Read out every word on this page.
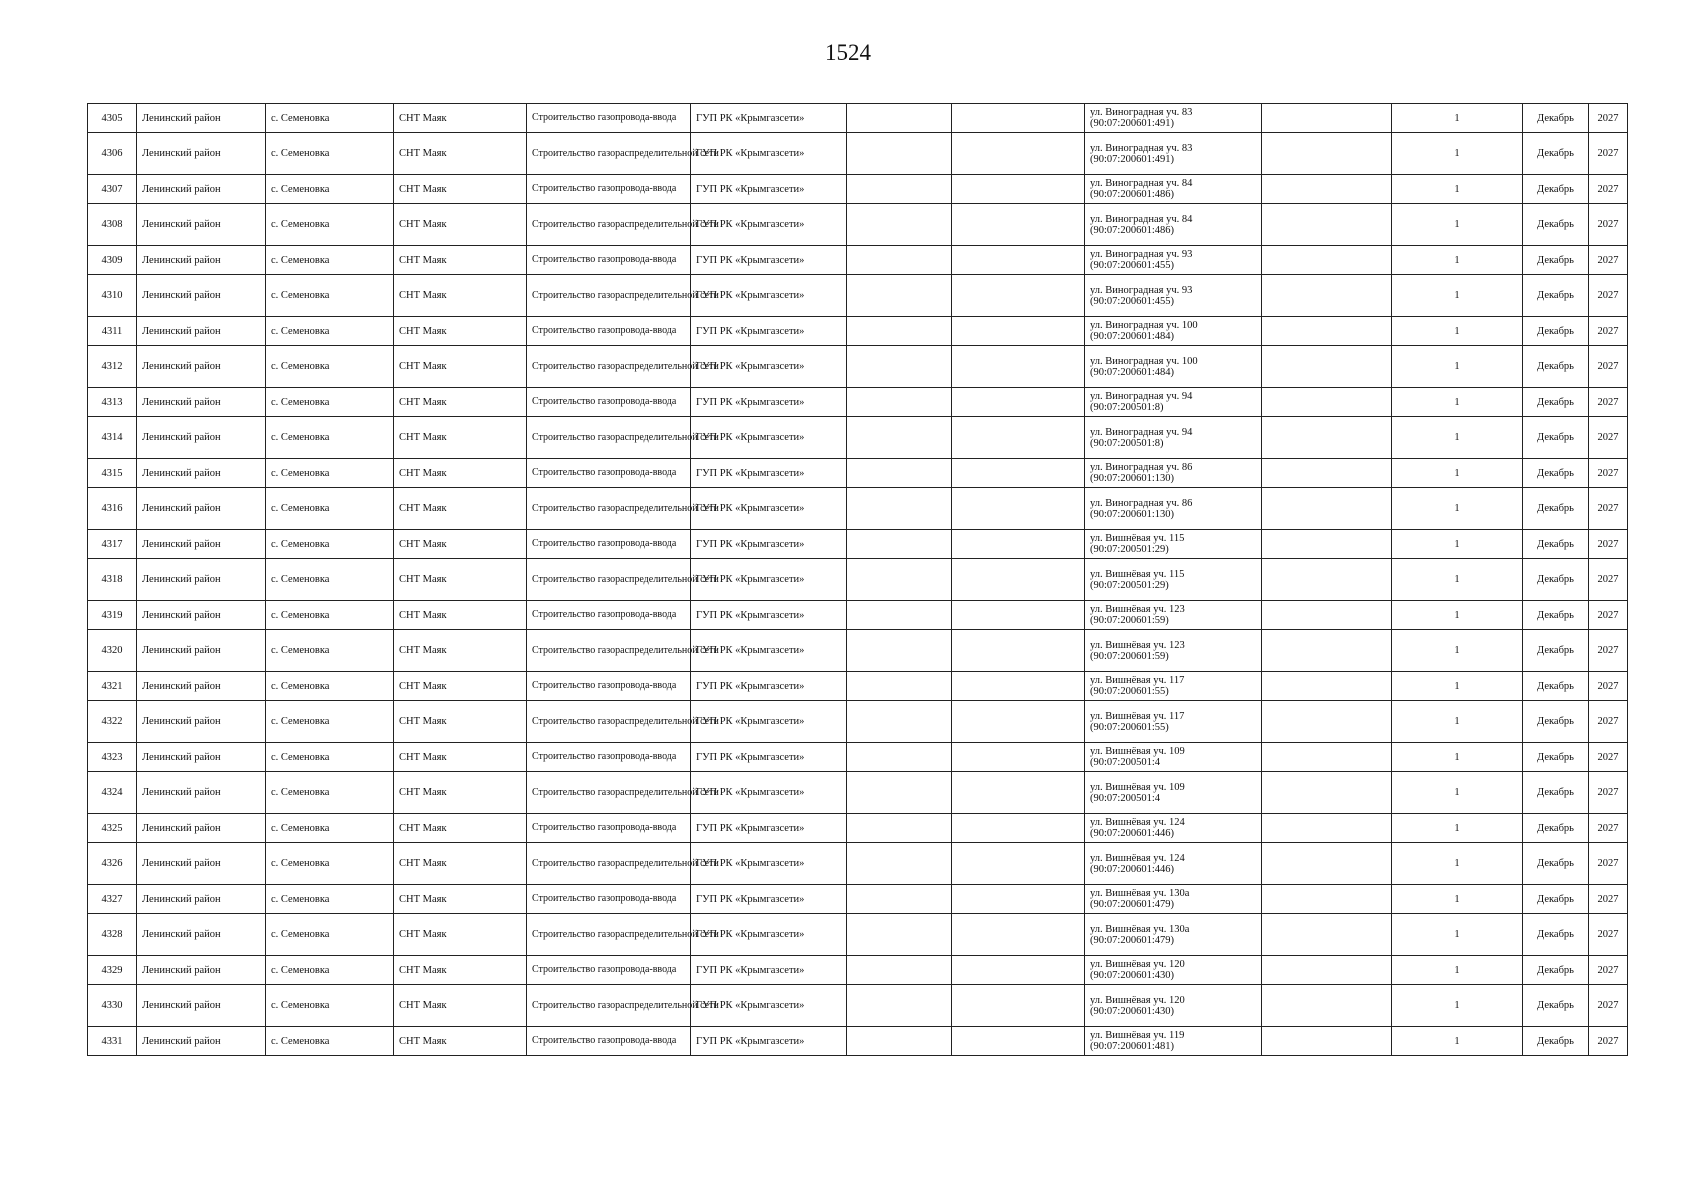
1524
4305	Ленинский район	с. Семеновка	СНТ Маяк	Строительство газопровода-ввода	ГУП РК «Крымгазсети»			ул. Виноградная уч. 83
(90:07:200601:491)		1	Декабрь	2027
4306	Ленинский район	с. Семеновка	СНТ Маяк	Строительство газораспределительной сети	ГУП РК «Крымгазсети»			ул. Виноградная уч. 83
(90:07:200601:491)		1	Декабрь	2027
4307	Ленинский район	с. Семеновка	СНТ Маяк	Строительство газопровода-ввода	ГУП РК «Крымгазсети»			ул. Виноградная уч. 84
(90:07:200601:486)		1	Декабрь	2027
4308	Ленинский район	с. Семеновка	СНТ Маяк	Строительство газораспределительной сети	ГУП РК «Крымгазсети»			ул. Виноградная уч. 84
(90:07:200601:486)		1	Декабрь	2027
4309	Ленинский район	с. Семеновка	СНТ Маяк	Строительство газопровода-ввода	ГУП РК «Крымгазсети»			ул. Виноградная уч. 93
(90:07:200601:455)		1	Декабрь	2027
4310	Ленинский район	с. Семеновка	СНТ Маяк	Строительство газораспределительной сети	ГУП РК «Крымгазсети»			ул. Виноградная уч. 93
(90:07:200601:455)		1	Декабрь	2027
4311	Ленинский район	с. Семеновка	СНТ Маяк	Строительство газопровода-ввода	ГУП РК «Крымгазсети»			ул. Виноградная уч. 100
(90:07:200601:484)		1	Декабрь	2027
4312	Ленинский район	с. Семеновка	СНТ Маяк	Строительство газораспределительной сети	ГУП РК «Крымгазсети»			ул. Виноградная уч. 100
(90:07:200601:484)		1	Декабрь	2027
4313	Ленинский район	с. Семеновка	СНТ Маяк	Строительство газопровода-ввода	ГУП РК «Крымгазсети»			ул. Виноградная уч. 94
(90:07:200501:8)		1	Декабрь	2027
4314	Ленинский район	с. Семеновка	СНТ Маяк	Строительство газораспределительной сети	ГУП РК «Крымгазсети»			ул. Виноградная уч. 94
(90:07:200501:8)		1	Декабрь	2027
4315	Ленинский район	с. Семеновка	СНТ Маяк	Строительство газопровода-ввода	ГУП РК «Крымгазсети»			ул. Виноградная уч. 86
(90:07:200601:130)		1	Декабрь	2027
4316	Ленинский район	с. Семеновка	СНТ Маяк	Строительство газораспределительной сети	ГУП РК «Крымгазсети»			ул. Виноградная уч. 86
(90:07:200601:130)		1	Декабрь	2027
4317	Ленинский район	с. Семеновка	СНТ Маяк	Строительство газопровода-ввода	ГУП РК «Крымгазсети»			ул. Вишнёвая уч. 115
(90:07:200501:29)		1	Декабрь	2027
4318	Ленинский район	с. Семеновка	СНТ Маяк	Строительство газораспределительной сети	ГУП РК «Крымгазсети»			ул. Вишнёвая уч. 115
(90:07:200501:29)		1	Декабрь	2027
4319	Ленинский район	с. Семеновка	СНТ Маяк	Строительство газопровода-ввода	ГУП РК «Крымгазсети»			ул. Вишнёвая уч. 123
(90:07:200601:59)		1	Декабрь	2027
4320	Ленинский район	с. Семеновка	СНТ Маяк	Строительство газораспределительной сети	ГУП РК «Крымгазсети»			ул. Вишнёвая уч. 123
(90:07:200601:59)		1	Декабрь	2027
4321	Ленинский район	с. Семеновка	СНТ Маяк	Строительство газопровода-ввода	ГУП РК «Крымгазсети»			ул. Вишнёвая уч. 117
(90:07:200601:55)		1	Декабрь	2027
4322	Ленинский район	с. Семеновка	СНТ Маяк	Строительство газораспределительной сети	ГУП РК «Крымгазсети»			ул. Вишнёвая уч. 117
(90:07:200601:55)		1	Декабрь	2027
4323	Ленинский район	с. Семеновка	СНТ Маяк	Строительство газопровода-ввода	ГУП РК «Крымгазсети»			ул. Вишнёвая уч. 109
(90:07:200501:4		1	Декабрь	2027
4324	Ленинский район	с. Семеновка	СНТ Маяк	Строительство газораспределительной сети	ГУП РК «Крымгазсети»			ул. Вишнёвая уч. 109
(90:07:200501:4		1	Декабрь	2027
4325	Ленинский район	с. Семеновка	СНТ Маяк	Строительство газопровода-ввода	ГУП РК «Крымгазсети»			ул. Вишнёвая уч. 124
(90:07:200601:446)		1	Декабрь	2027
4326	Ленинский район	с. Семеновка	СНТ Маяк	Строительство газораспределительной сети	ГУП РК «Крымгазсети»			ул. Вишнёвая уч. 124
(90:07:200601:446)		1	Декабрь	2027
4327	Ленинский район	с. Семеновка	СНТ Маяк	Строительство газопровода-ввода	ГУП РК «Крымгазсети»			ул. Вишнёвая уч. 130а
(90:07:200601:479)		1	Декабрь	2027
4328	Ленинский район	с. Семеновка	СНТ Маяк	Строительство газораспределительной сети	ГУП РК «Крымгазсети»			ул. Вишнёвая уч. 130а
(90:07:200601:479)		1	Декабрь	2027
4329	Ленинский район	с. Семеновка	СНТ Маяк	Строительство газопровода-ввода	ГУП РК «Крымгазсети»			ул. Вишнёвая уч. 120
(90:07:200601:430)		1	Декабрь	2027
4330	Ленинский район	с. Семеновка	СНТ Маяк	Строительство газораспределительной сети	ГУП РК «Крымгазсети»			ул. Вишнёвая уч. 120
(90:07:200601:430)		1	Декабрь	2027
4331	Ленинский район	с. Семеновка	СНТ Маяк	Строительство газопровода-ввода	ГУП РК «Крымгазсети»			ул. Вишнёвая уч. 119
(90:07:200601:481)		1	Декабрь	2027
